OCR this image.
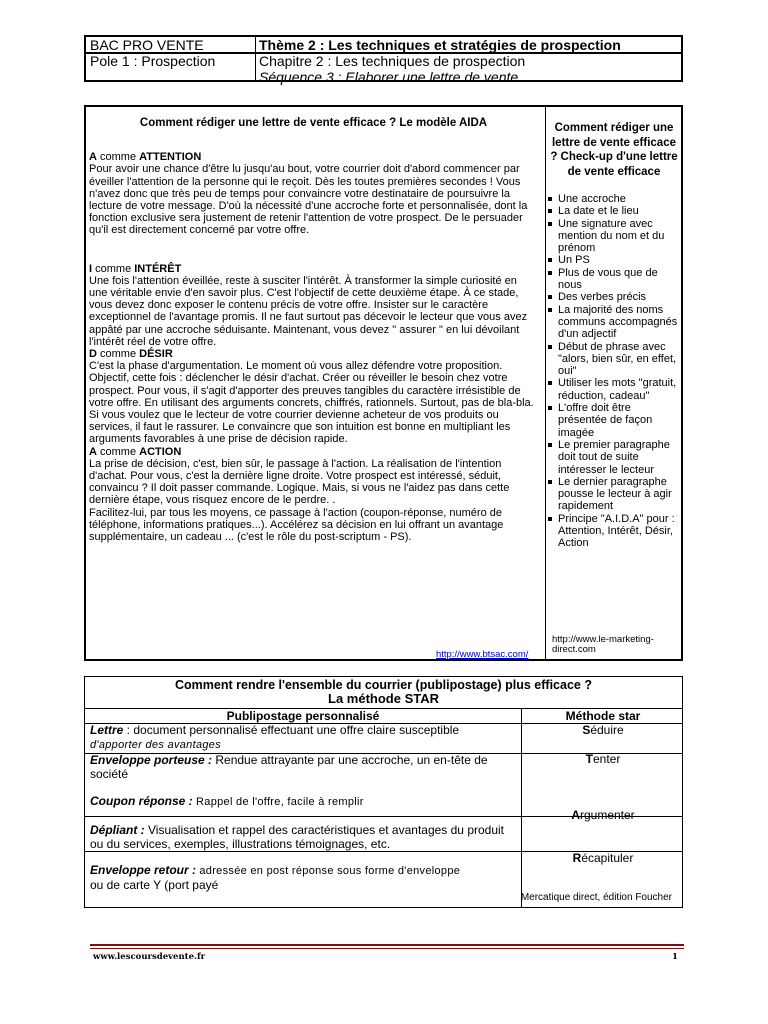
BAC PRO VENTE
Pole 1 : Prospection
Thème 2 : Les techniques et stratégies de prospection
Chapitre 2 : Les techniques de prospection
Séquence 3 : Elaborer une lettre de vente

Comment rédiger une lettre de vente efficace ? Le modèle AIDA

A comme ATTENTION

Pour avoir une chance d'être lu jusqu'au bout, votre courrier doit d'abord commencer par éveiller l'attention de la personne qui le reçoit. Dès les toutes premières secondes ! Vous n'avez donc que très peu de temps pour convaincre votre destinataire de poursuivre la lecture de votre message. D'où la nécessité d'une accroche forte et personnalisée, dont la fonction exclusive sera justement de retenir l'attention de votre prospect. De le persuader qu'il est directement concerné par votre offre.

I comme INTÉRÊT

Une fois l'attention éveillée, reste à susciter l'intérêt. À transformer la simple curiosité en une véritable envie d'en savoir plus. C'est l'objectif de cette deuxième étape. À ce stade, vous devez donc exposer le contenu précis de votre offre. Insister sur le caractère exceptionnel de l'avantage promis. Il ne faut surtout pas décevoir le lecteur que vous avez appâté par une accroche séduisante. Maintenant, vous devez " assurer " en lui dévoilant l'intérêt réel de votre offre.

D comme DÉSIR

C'est la phase d'argumentation. Le moment où vous allez défendre votre proposition. Objectif, cette fois : déclencher le désir d'achat. Créer ou réveiller le besoin chez votre prospect. Pour vous, il s'agit d'apporter des preuves tangibles du caractère irrésistible de votre offre. En utilisant des arguments concrets, chiffrés, rationnels. Surtout, pas de bla-bla. Si vous voulez que le lecteur de votre courrier devienne acheteur de vos produits ou services, il faut le rassurer. Le convaincre que son intuition est bonne en multipliant les arguments favorables à une prise de décision rapide.

A comme ACTION

La prise de décision, c'est, bien sûr, le passage à l'action. La réalisation de l'intention d'achat. Pour vous, c'est la dernière ligne droite. Votre prospect est intéressé, séduit, convaincu ? Il doit passer commande. Logique. Mais, si vous ne l'aidez pas dans cette dernière étape, vous risquez encore de le perdre. .

Facilitez-lui, par tous les moyens, ce passage à l'action (coupon-réponse, numéro de téléphone, informations pratiques...). Accélérez sa décision en lui offrant un avantage supplémentaire, un cadeau ... (c'est le rôle du post-scriptum - PS).

http://www.btsac.com/
Comment rédiger une lettre de vente efficace ? Check-up d'une lettre de vente efficace
Une accroche
La date et le lieu
Une signature avec mention du nom et du prénom
Un PS
Plus de vous que de nous
Des verbes précis
La majorité des noms communs accompagnés d'un adjectif
Début de phrase avec "alors, bien sûr, en effet, oui"
Utiliser les mots "gratuit, réduction, cadeau"
L'offre doit être présentée de façon imagée
Le premier paragraphe doit tout de suite intéresser le lecteur
Le dernier paragraphe pousse le lecteur à agir rapidement
Principe "A.I.D.A" pour : Attention, Intérêt, Désir, Action
http://www.le-marketing-direct.com
Comment rendre l'ensemble du courrier (publipostage) plus efficace ?
La méthode STAR
Publipostage personnalisé	Méthode star
Lettre : document personnalisé effectuant une offre claire susceptible
d'apporter des avantages
Enveloppe porteuse : Rendue attrayante par une accroche, un en-tête de société
Coupon réponse : Rappel de l'offre, facile à remplir
Dépliant : Visualisation et rappel des caractéristiques et avantages du produit ou du services, exemples, illustrations témoignages, etc.
Enveloppe retour : adressée en post réponse sous forme d'enveloppe
ou de carte Y (port payé
Séduire
Tenter
Argumenter
Récapituler
Mercatique direct, édition Foucher
www.lescoursdevente.fr	1
